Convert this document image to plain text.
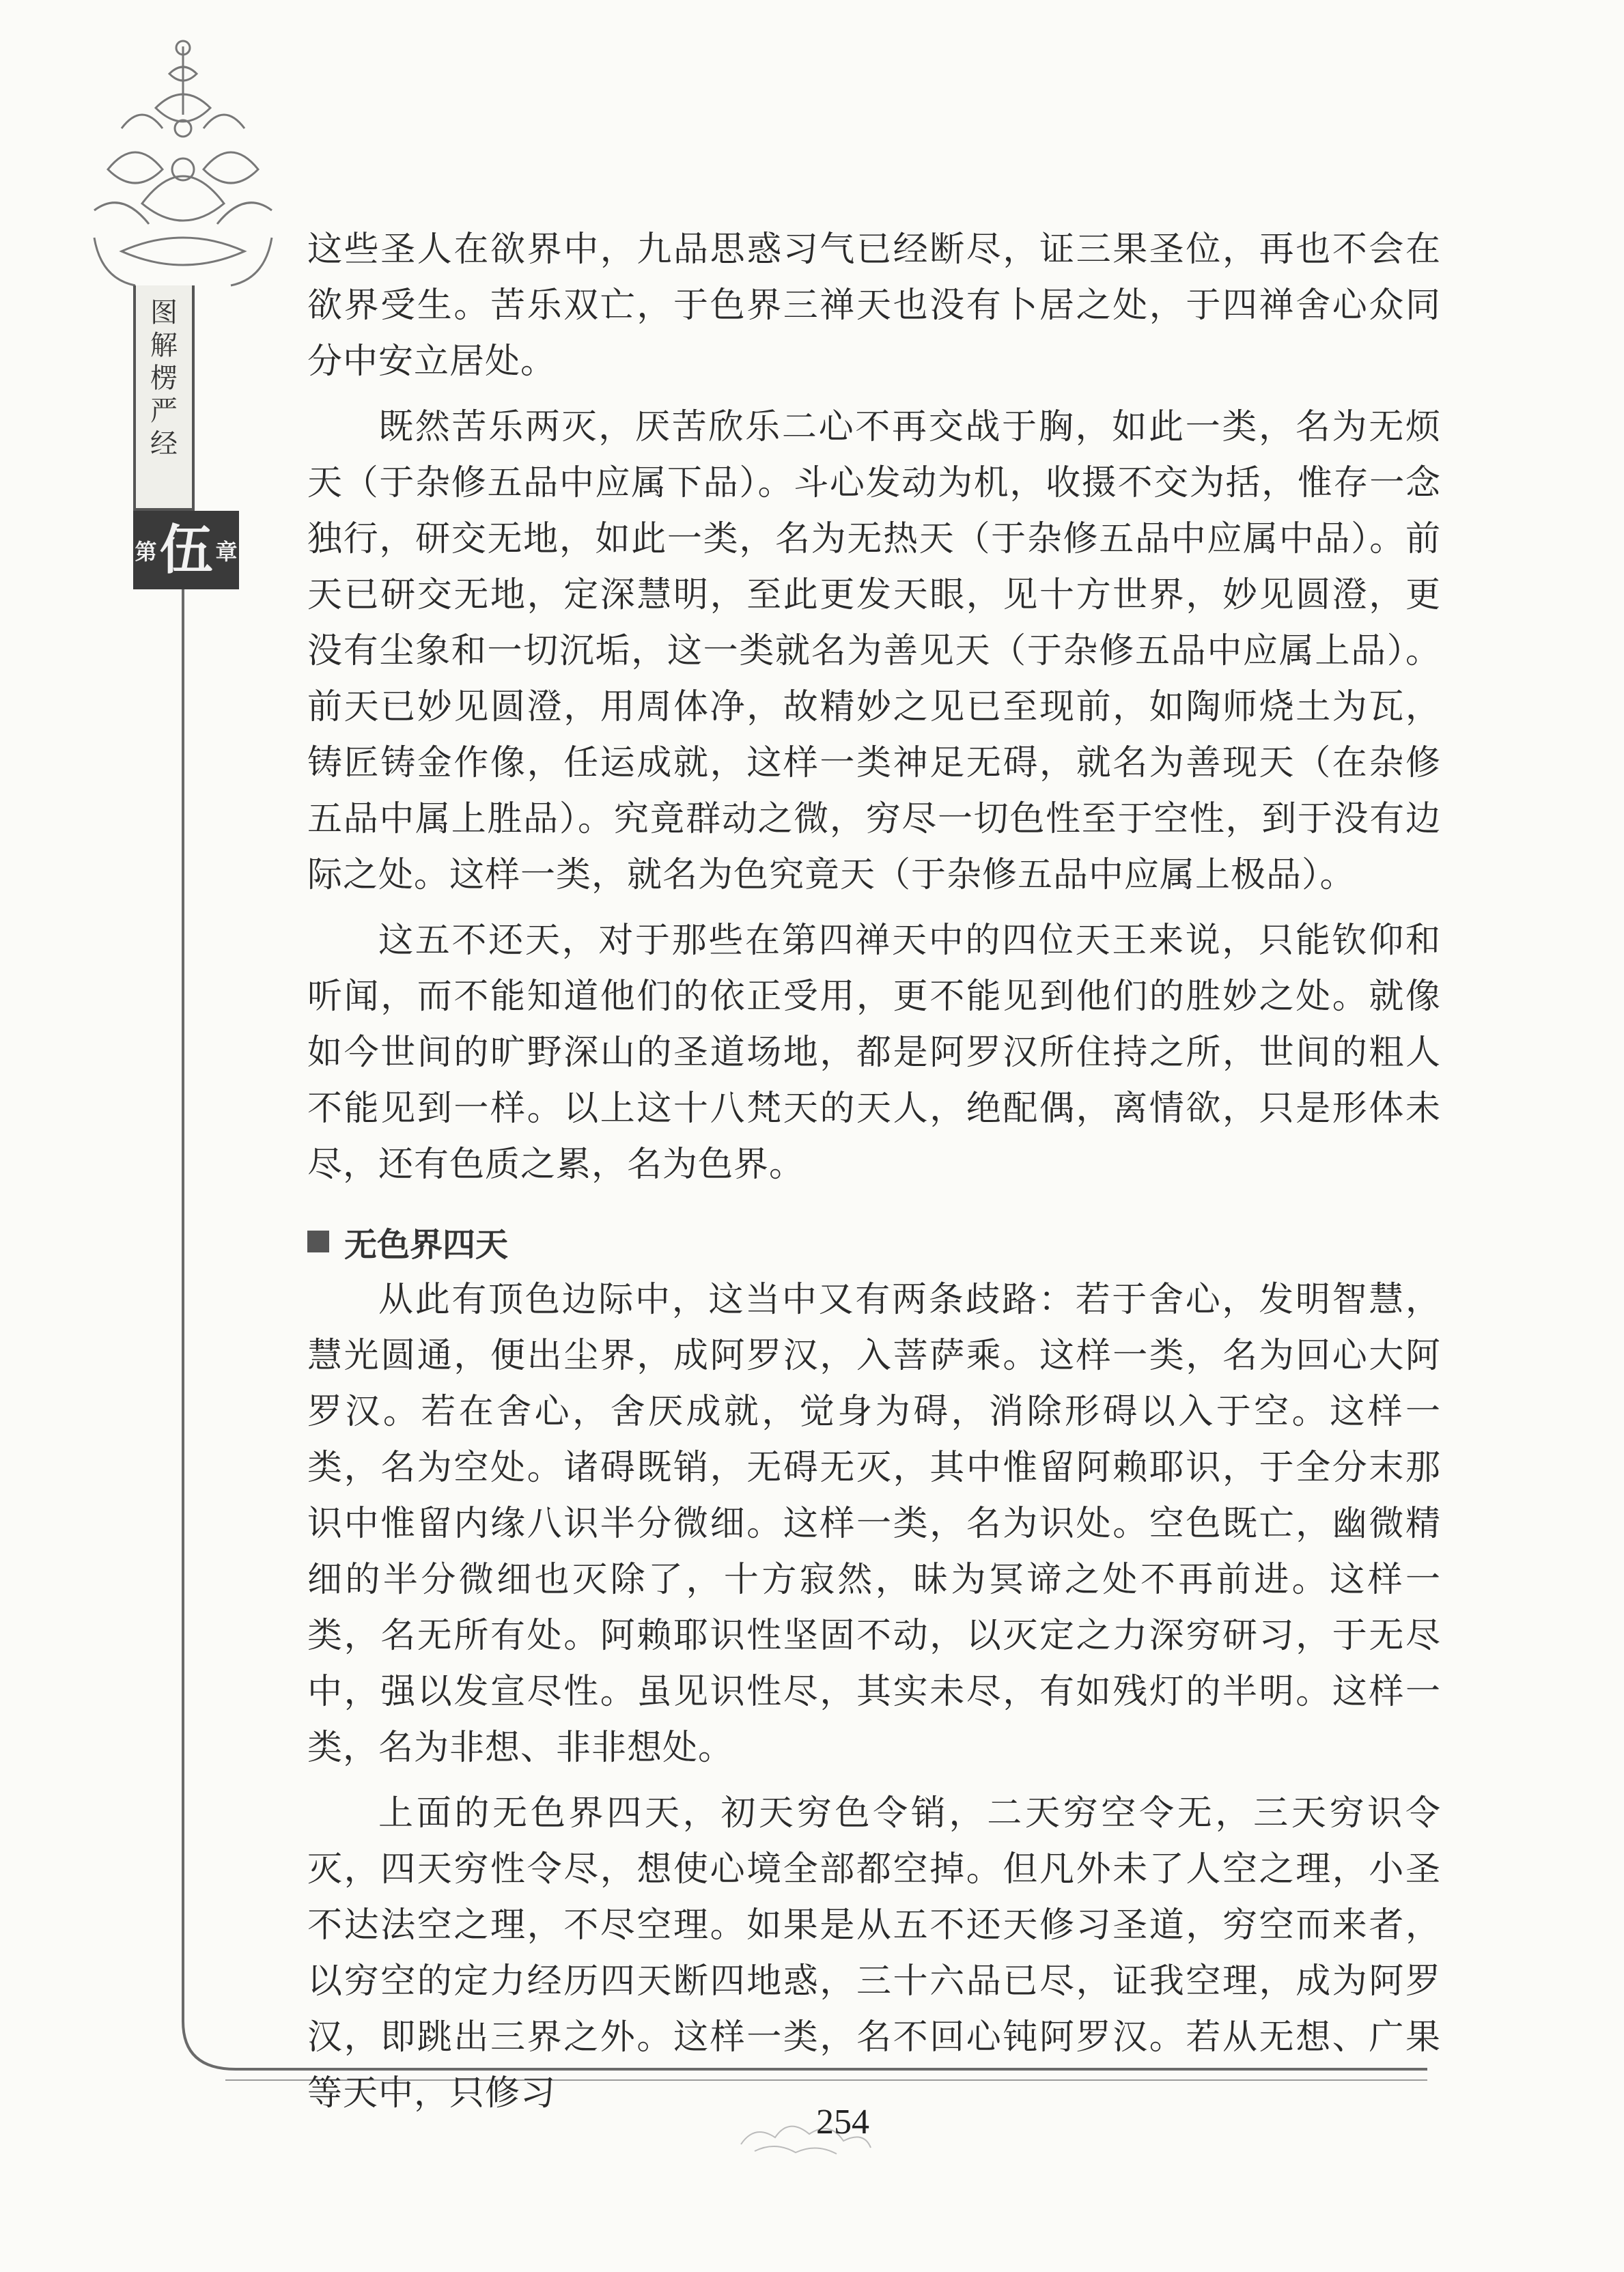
图
解
楞
严
经
第 伍 章

这些圣人在欲界中，九品思惑习气已经断尽，证三果圣位，再也不会在欲界受生。苦乐双亡，于色界三禅天也没有卜居之处，于四禅舍心众同分中安立居处。

既然苦乐两灭，厌苦欣乐二心不再交战于胸，如此一类，名为无烦天（于杂修五品中应属下品）。斗心发动为机，收摄不交为括，惟存一念独行，研交无地，如此一类，名为无热天（于杂修五品中应属中品）。前天已研交无地，定深慧明，至此更发天眼，见十方世界，妙见圆澄，更没有尘象和一切沉垢，这一类就名为善见天（于杂修五品中应属上品）。前天已妙见圆澄，用周体净，故精妙之见已至现前，如陶师烧土为瓦，铸匠铸金作像，任运成就，这样一类神足无碍，就名为善现天（在杂修五品中属上胜品）。究竟群动之微，穷尽一切色性至于空性，到于没有边际之处。这样一类，就名为色究竟天（于杂修五品中应属上极品）。

这五不还天，对于那些在第四禅天中的四位天王来说，只能钦仰和听闻，而不能知道他们的依正受用，更不能见到他们的胜妙之处。就像如今世间的旷野深山的圣道场地，都是阿罗汉所住持之所，世间的粗人不能见到一样。以上这十八梵天的天人，绝配偶，离情欲，只是形体未尽，还有色质之累，名为色界。

无色界四天

从此有顶色边际中，这当中又有两条歧路：若于舍心，发明智慧，慧光圆通，便出尘界，成阿罗汉，入菩萨乘。这样一类，名为回心大阿罗汉。若在舍心，舍厌成就，觉身为碍，消除形碍以入于空。这样一类，名为空处。诸碍既销，无碍无灭，其中惟留阿赖耶识，于全分末那识中惟留内缘八识半分微细。这样一类，名为识处。空色既亡，幽微精细的半分微细也灭除了，十方寂然，昧为冥谛之处不再前进。这样一类，名无所有处。阿赖耶识性坚固不动，以灭定之力深穷研习，于无尽中，强以发宣尽性。虽见识性尽，其实未尽，有如残灯的半明。这样一类，名为非想、非非想处。

上面的无色界四天，初天穷色令销，二天穷空令无，三天穷识令灭，四天穷性令尽，想使心境全部都空掉。但凡外未了人空之理，小圣不达法空之理，不尽空理。如果是从五不还天修习圣道，穷空而来者，以穷空的定力经历四天断四地惑，三十六品已尽，证我空理，成为阿罗汉，即跳出三界之外。这样一类，名不回心钝阿罗汉。若从无想、广果等天中，只修习

254
